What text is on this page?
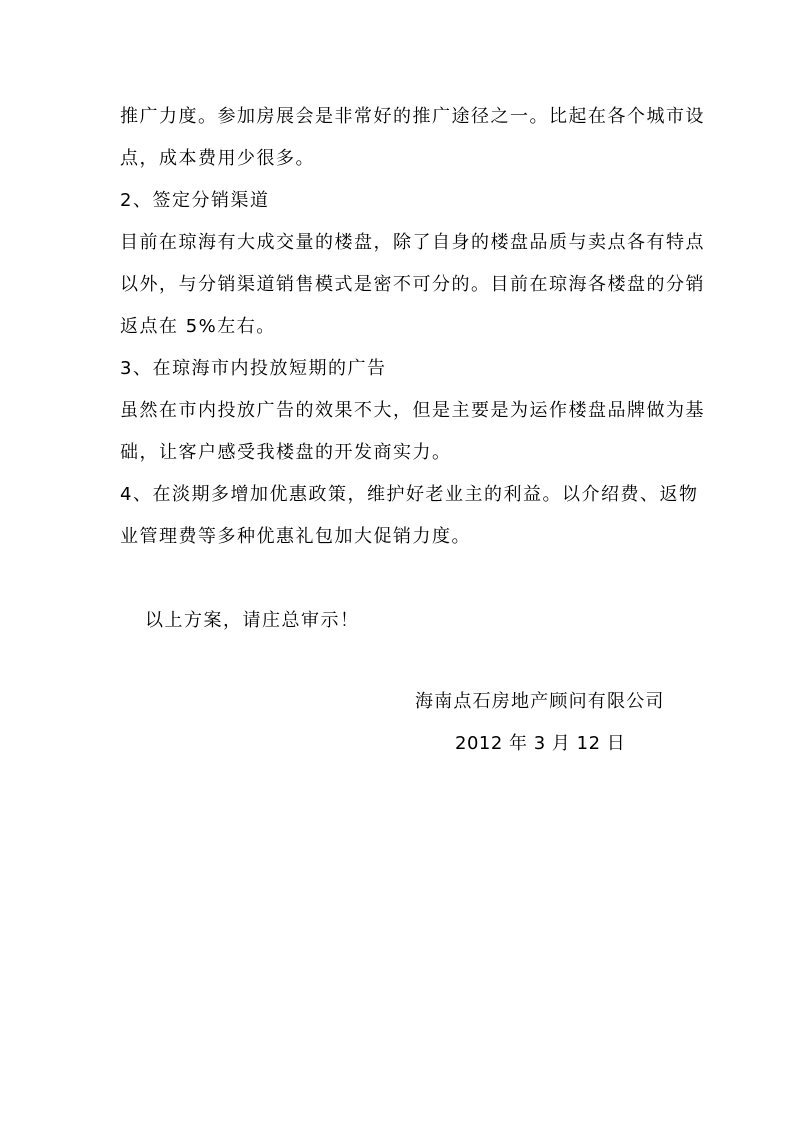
推广力度。参加房展会是非常好的推广途径之一。比起在各个城市设
点，成本费用少很多。
2、签定分销渠道
目前在琼海有大成交量的楼盘，除了自身的楼盘品质与卖点各有特点
以外，与分销渠道销售模式是密不可分的。目前在琼海各楼盘的分销
返点在 5%左右。
3、在琼海市内投放短期的广告
虽然在市内投放广告的效果不大，但是主要是为运作楼盘品牌做为基
础，让客户感受我楼盘的开发商实力。
4、在淡期多增加优惠政策，维护好老业主的利益。以介绍费、返物
业管理费等多种优惠礼包加大促销力度。
以上方案，请庄总审示！
海南点石房地产顾问有限公司
2012 年 3 月 12 日
